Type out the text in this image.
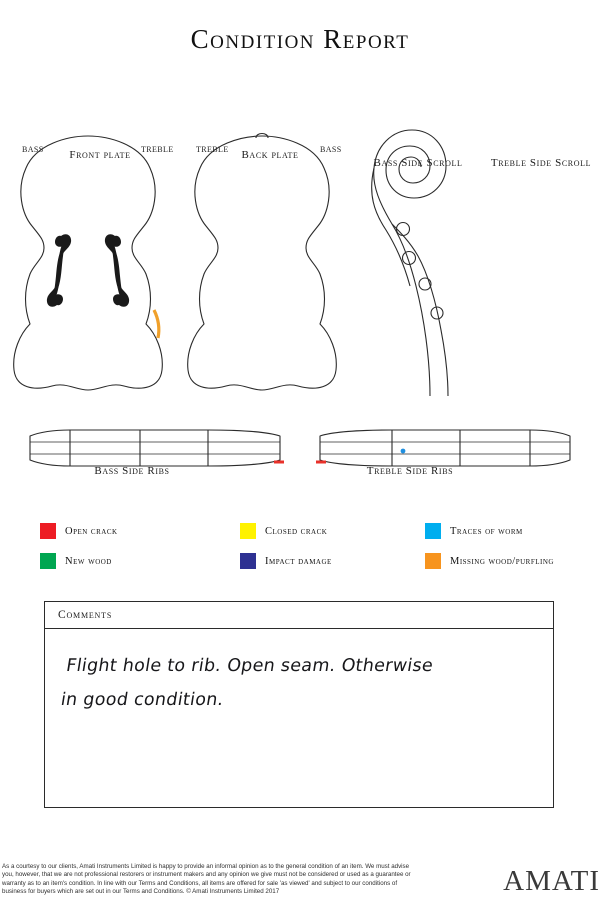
Condition Report
Front plate	Back plate
Bass Side Scroll	Treble Side Scroll
Bass Side Ribs	Treble Side Ribs
BASS	TREBLE	TREBLE	BASS
Open crack	Closed crack	Traces of worm
New wood	Impact damage	Missing wood/purfling
Comments
Flight hole to rib. Open seam. Otherwise
in good condition.
As a courtesy to our clients, Amati Instruments Limited is happy to provide an informal opinion as to the general condition of an item. We must advise you, however, that we are not professional restorers or instrument makers and any opinion we give must not be considered or used as a guarantee or warranty as to an item's condition. In line with our Terms and Conditions, all items are offered for sale 'as viewed' and subject to our conditions of business for buyers which are set out in our Terms and Conditions. © Amati Instruments Limited 2017	AMATI
